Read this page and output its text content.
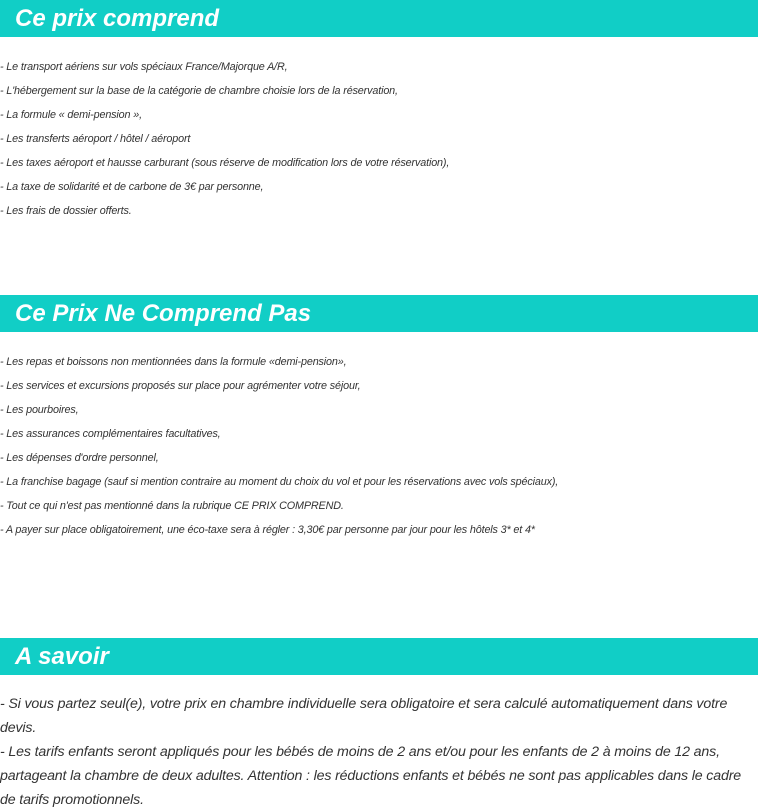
Ce prix comprend
- Le transport aériens sur vols spéciaux France/Majorque A/R,
- L'hébergement sur la base de la catégorie de chambre choisie lors de la réservation,
- La formule « demi-pension »,
- Les transferts aéroport / hôtel / aéroport
- Les taxes aéroport et hausse carburant (sous réserve de modification lors de votre réservation),
- La taxe de solidarité et de carbone de 3€ par personne,
- Les frais de dossier offerts.
Ce Prix Ne Comprend Pas
- Les repas et boissons non mentionnées dans la formule «demi-pension»,
- Les services et excursions proposés sur place pour agrémenter votre séjour,
- Les pourboires,
- Les assurances complémentaires facultatives,
- Les dépenses d'ordre personnel,
- La franchise bagage (sauf si mention contraire au moment du choix du vol et pour les réservations avec vols spéciaux),
- Tout ce qui n'est pas mentionné dans la rubrique CE PRIX COMPREND.
- A payer sur place obligatoirement, une éco-taxe sera à régler : 3,30€ par personne par jour pour les hôtels 3* et 4*
A savoir

- Si vous partez seul(e), votre prix en chambre individuelle sera obligatoire et sera calculé automatiquement dans votre devis.

- Les tarifs enfants seront appliqués pour les bébés de moins de 2 ans et/ou pour les enfants de 2 à moins de 12 ans, partageant la chambre de deux adultes. Attention : les réductions enfants et bébés ne sont pas applicables dans le cadre de tarifs promotionnels.
